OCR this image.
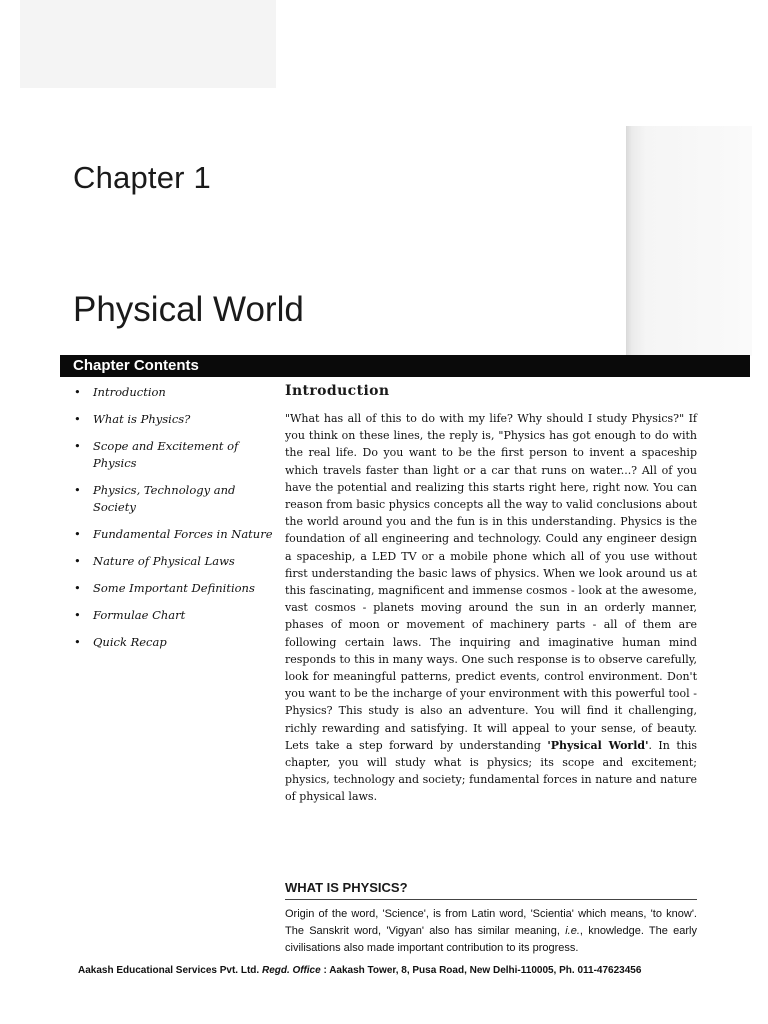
Chapter 1
Physical World
Chapter Contents
• Introduction
• What is Physics?
• Scope and Excitement of Physics
• Physics, Technology and Society
• Fundamental Forces in Nature
• Nature of Physical Laws
• Some Important Definitions
• Formulae Chart
• Quick Recap
Introduction

"What has all of this to do with my life? Why should I study Physics?" If you think on these lines, the reply is, "Physics has got enough to do with the real life. Do you want to be the first person to invent a spaceship which travels faster than light or a car that runs on water...? All of you have the potential and realizing this starts right here, right now. You can reason from basic physics concepts all the way to valid conclusions about the world around you and the fun is in this understanding. Physics is the foundation of all engineering and technology. Could any engineer design a spaceship, a LED TV or a mobile phone which all of you use without first understanding the basic laws of physics. When we look around us at this fascinating, magnificent and immense cosmos - look at the awesome, vast cosmos - planets moving around the sun in an orderly manner, phases of moon or movement of machinery parts - all of them are following certain laws. The inquiring and imaginative human mind responds to this in many ways. One such response is to observe carefully, look for meaningful patterns, predict events, control environment. Don't you want to be the incharge of your environment with this powerful tool - Physics? This study is also an adventure. You will find it challenging, richly rewarding and satisfying. It will appeal to your sense, of beauty. Lets take a step forward by understanding 'Physical World'. In this chapter, you will study what is physics; its scope and excitement; physics, technology and society; fundamental forces in nature and nature of physical laws.

WHAT IS PHYSICS?

Origin of the word, 'Science', is from Latin word, 'Scientia' which means, 'to know'. The Sanskrit word, 'Vigyan' also has similar meaning, i.e., knowledge. The early civilisations also made important contribution to its progress.

Aakash Educational Services Pvt. Ltd. Regd. Office : Aakash Tower, 8, Pusa Road, New Delhi-110005, Ph. 011-47623456
